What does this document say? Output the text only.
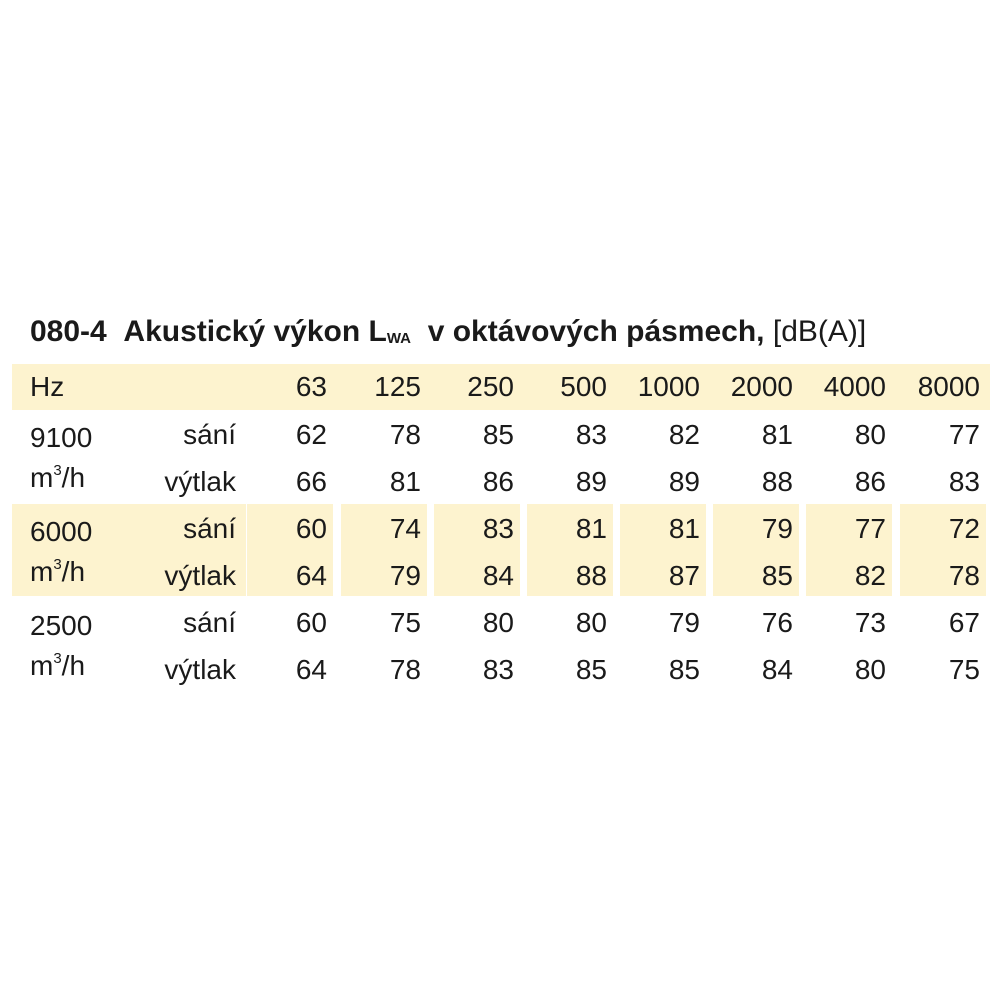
080-4 Akustický výkon LWA v oktávových pásmech, [dB(A)]
Hz	63	125	250	500	1000	2000	4000	8000
9100
$m^3/h$
sání	62	78	85	83	82	81	80	77
výtlak	66	81	86	89	89	88	86	83
6000
$m^3/h$
sání	60	74	83	81	81	79	77	72
výtlak	64	79	84	88	87	85	82	78
2500
$m^3/h$
sání	60	75	80	80	79	76	73	67
výtlak	64	78	83	85	85	84	80	75
